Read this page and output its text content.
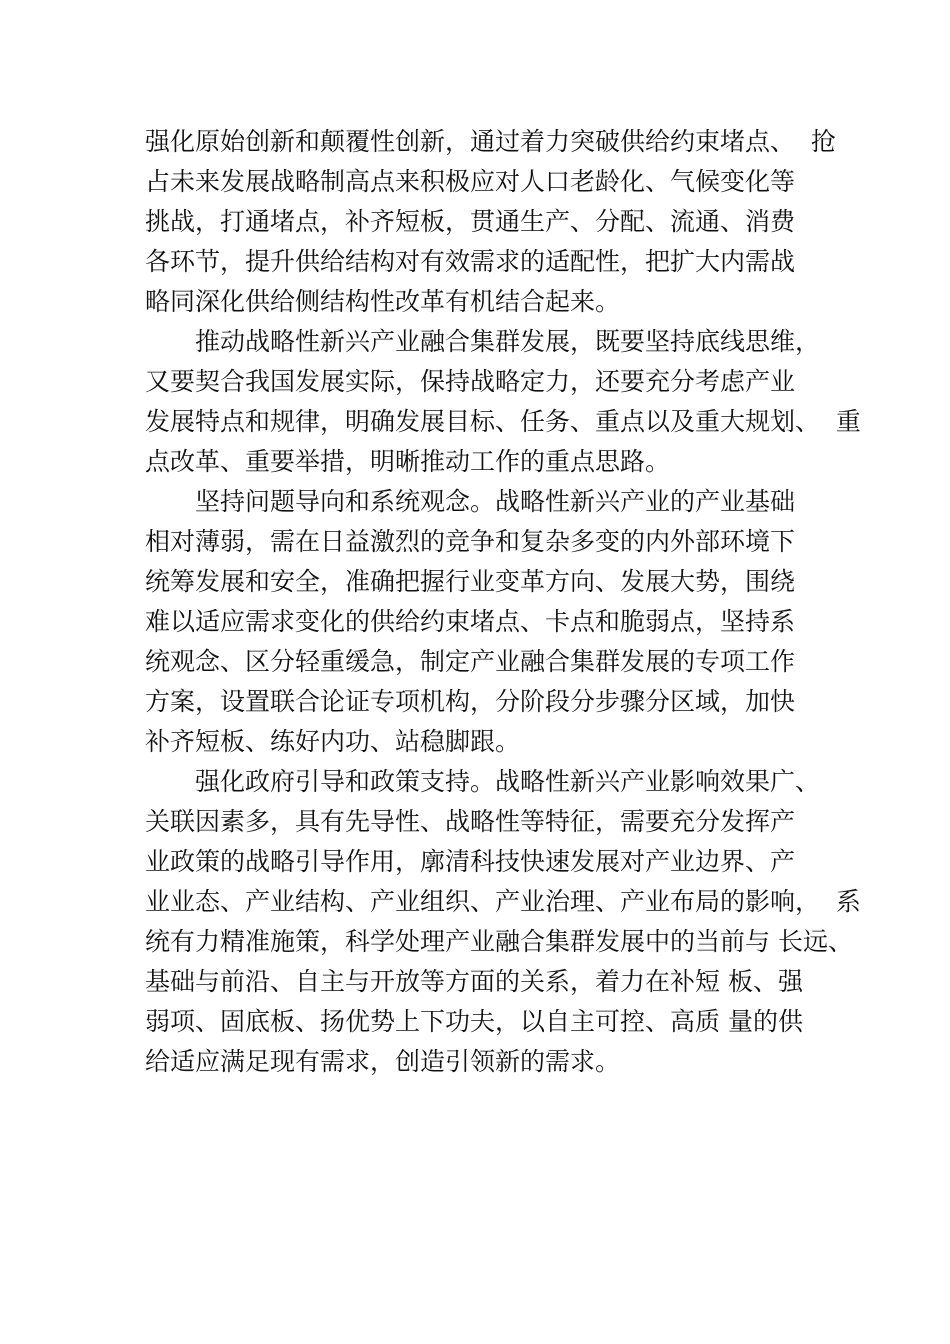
强化原始创新和颠覆性创新，通过着力突破供给约束堵点、  抢
占未来发展战略制高点来积极应对人口老龄化、气候变化等
挑战，打通堵点，补齐短板，贯通生产、分配、流通、消费
各环节，提升供给结构对有效需求的适配性，把扩大内需战
略同深化供给侧结构性改革有机结合起来。
推动战略性新兴产业融合集群发展，既要坚持底线思维，
又要契合我国发展实际，保持战略定力，还要充分考虑产业
发展特点和规律，明确发展目标、任务、重点以及重大规划、  重
点改革、重要举措，明晰推动工作的重点思路。
坚持问题导向和系统观念。战略性新兴产业的产业基础
相对薄弱，需在日益激烈的竞争和复杂多变的内外部环境下
统筹发展和安全，准确把握行业变革方向、发展大势，围绕
难以适应需求变化的供给约束堵点、卡点和脆弱点，坚持系
统观念、区分轻重缓急，制定产业融合集群发展的专项工作
方案，设置联合论证专项机构，分阶段分步骤分区域，加快
补齐短板、练好内功、站稳脚跟。
强化政府引导和政策支持。战略性新兴产业影响效果广、
关联因素多，具有先导性、战略性等特征，需要充分发挥产
业政策的战略引导作用，廓清科技快速发展对产业边界、产
业业态、产业结构、产业组织、产业治理、产业布局的影响，  系
统有力精准施策，科学处理产业融合集群发展中的当前与 长远、
基础与前沿、自主与开放等方面的关系，着力在补短 板、强
弱项、固底板、扬优势上下功夫，以自主可控、高质 量的供
给适应满足现有需求，创造引领新的需求。
